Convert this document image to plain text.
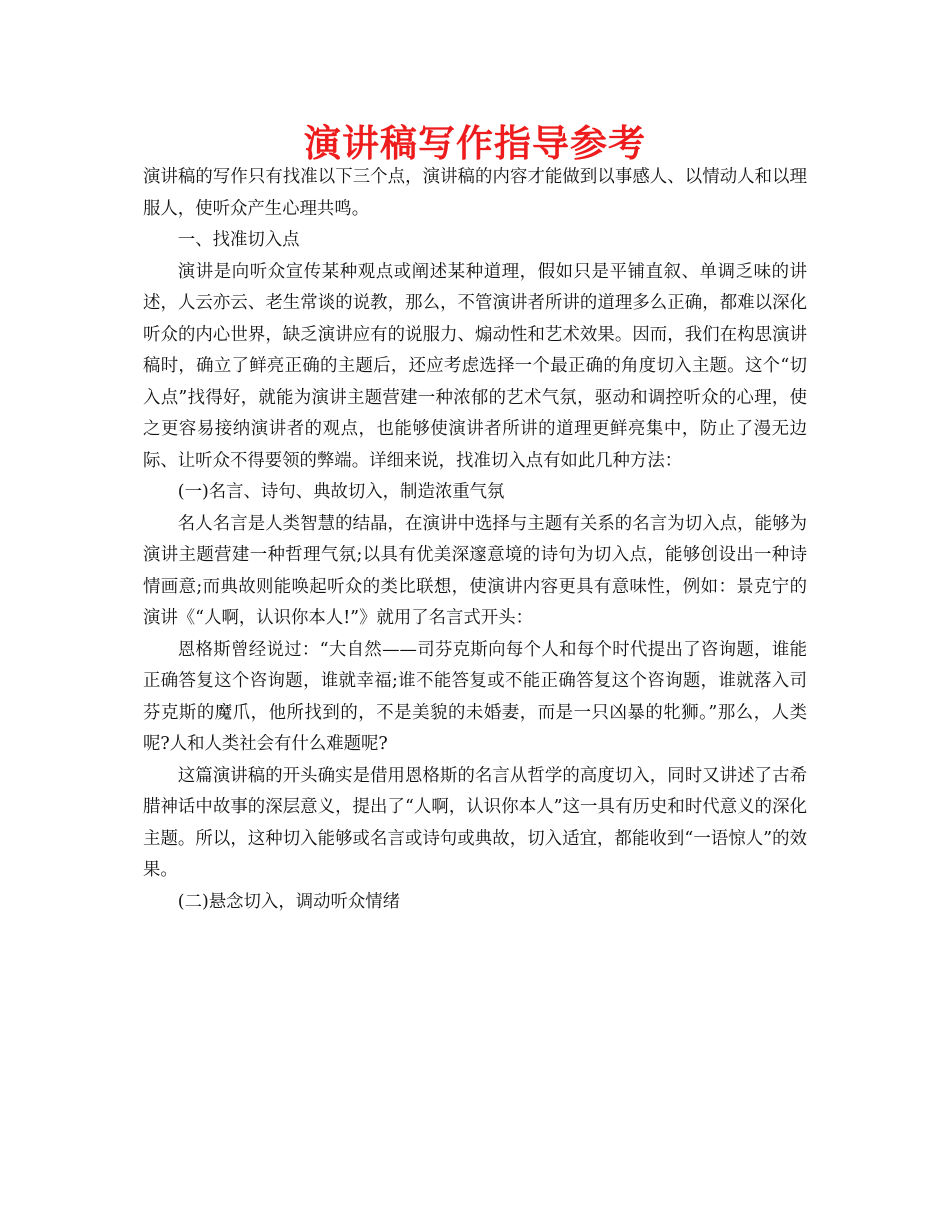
演讲稿写作指导参考

演讲稿的写作只有找准以下三个点，演讲稿的内容才能做到以事感人、以情动人和以理服人，使听众产生心理共鸣。

一、找准切入点

演讲是向听众宣传某种观点或阐述某种道理，假如只是平铺直叙、单调乏味的讲述，人云亦云、老生常谈的说教，那么，不管演讲者所讲的道理多么正确，都难以深化听众的内心世界，缺乏演讲应有的说服力、煽动性和艺术效果。因而，我们在构思演讲稿时，确立了鲜亮正确的主题后，还应考虑选择一个最正确的角度切入主题。这个“切入点”找得好，就能为演讲主题营建一种浓郁的艺术气氛，驱动和调控听众的心理，使之更容易接纳演讲者的观点，也能够使演讲者所讲的道理更鲜亮集中，防止了漫无边际、让听众不得要领的弊端。详细来说，找准切入点有如此几种方法：

(一)名言、诗句、典故切入，制造浓重气氛

名人名言是人类智慧的结晶，在演讲中选择与主题有关系的名言为切入点，能够为演讲主题营建一种哲理气氛;以具有优美深邃意境的诗句为切入点，能够创设出一种诗情画意;而典故则能唤起听众的类比联想，使演讲内容更具有意味性，例如：景克宁的演讲《“人啊，认识你本人!”》就用了名言式开头：

恩格斯曾经说过：“大自然——司芬克斯向每个人和每个时代提出了咨询题，谁能正确答复这个咨询题，谁就幸福;谁不能答复或不能正确答复这个咨询题，谁就落入司芬克斯的魔爪，他所找到的，不是美貌的未婚妻，而是一只凶暴的牝狮。”那么，人类呢?人和人类社会有什么难题呢?

这篇演讲稿的开头确实是借用恩格斯的名言从哲学的高度切入，同时又讲述了古希腊神话中故事的深层意义，提出了“人啊，认识你本人”这一具有历史和时代意义的深化主题。所以，这种切入能够或名言或诗句或典故，切入适宜，都能收到“一语惊人”的效果。

(二)悬念切入，调动听众情绪
